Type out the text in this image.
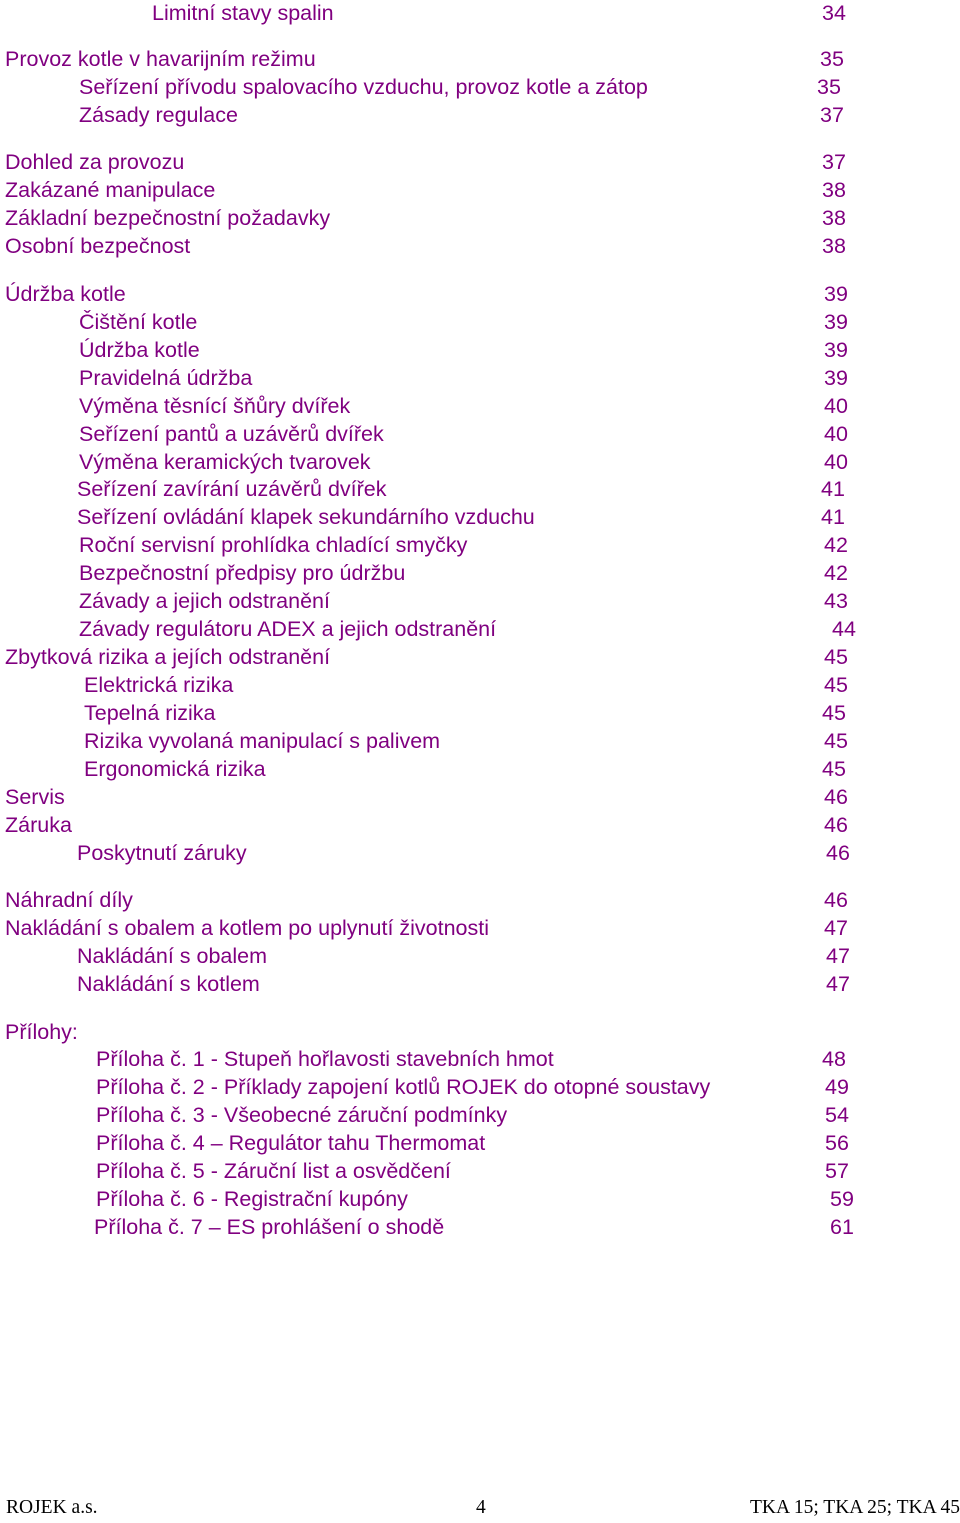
Limitní stavy spalin	34
Provoz kotle v havarijním režimu	35
Seřízení přívodu spalovacího vzduchu, provoz kotle a zátop	35
Zásady regulace	37
Dohled za provozu	37
Zakázané manipulace	38
Základní bezpečnostní požadavky	38
Osobní bezpečnost	38
Údržba kotle	39
Čištění kotle	39
Údržba kotle	39
Pravidelná údržba	39
Výměna těsnící šňůry dvířek	40
Seřízení pantů a uzávěrů dvířek	40
Výměna keramických tvarovek	40
Seřízení zavírání uzávěrů dvířek	41
Seřízení ovládání klapek sekundárního vzduchu	41
Roční servisní prohlídka chladící smyčky	42
Bezpečnostní předpisy pro údržbu	42
Závady a jejich odstranění	43
Závady regulátoru ADEX a jejich odstranění	44
Zbytková rizika a jejích odstranění	45
Elektrická rizika	45
Tepelná rizika	45
Rizika vyvolaná manipulací s palivem	45
Ergonomická rizika	45
Servis	46
Záruka	46
Poskytnutí záruky	46
Náhradní díly	46
Nakládání s obalem a kotlem po uplynutí životnosti	47
Nakládání s obalem	47
Nakládání s kotlem	47
Přílohy:
Příloha č. 1 - Stupeň hořlavosti stavebních hmot	48
Příloha č. 2 - Příklady zapojení kotlů ROJEK do otopné soustavy	49
Příloha č. 3 - Všeobecné záruční podmínky	54
Příloha č. 4 – Regulátor tahu Thermomat	56
Příloha č. 5 - Záruční list a osvědčení	57
Příloha č. 6 - Registrační kupóny	59
Příloha č. 7 – ES prohlášení o shodě	61
ROJEK a.s.	4	TKA 15; TKA 25; TKA 45
